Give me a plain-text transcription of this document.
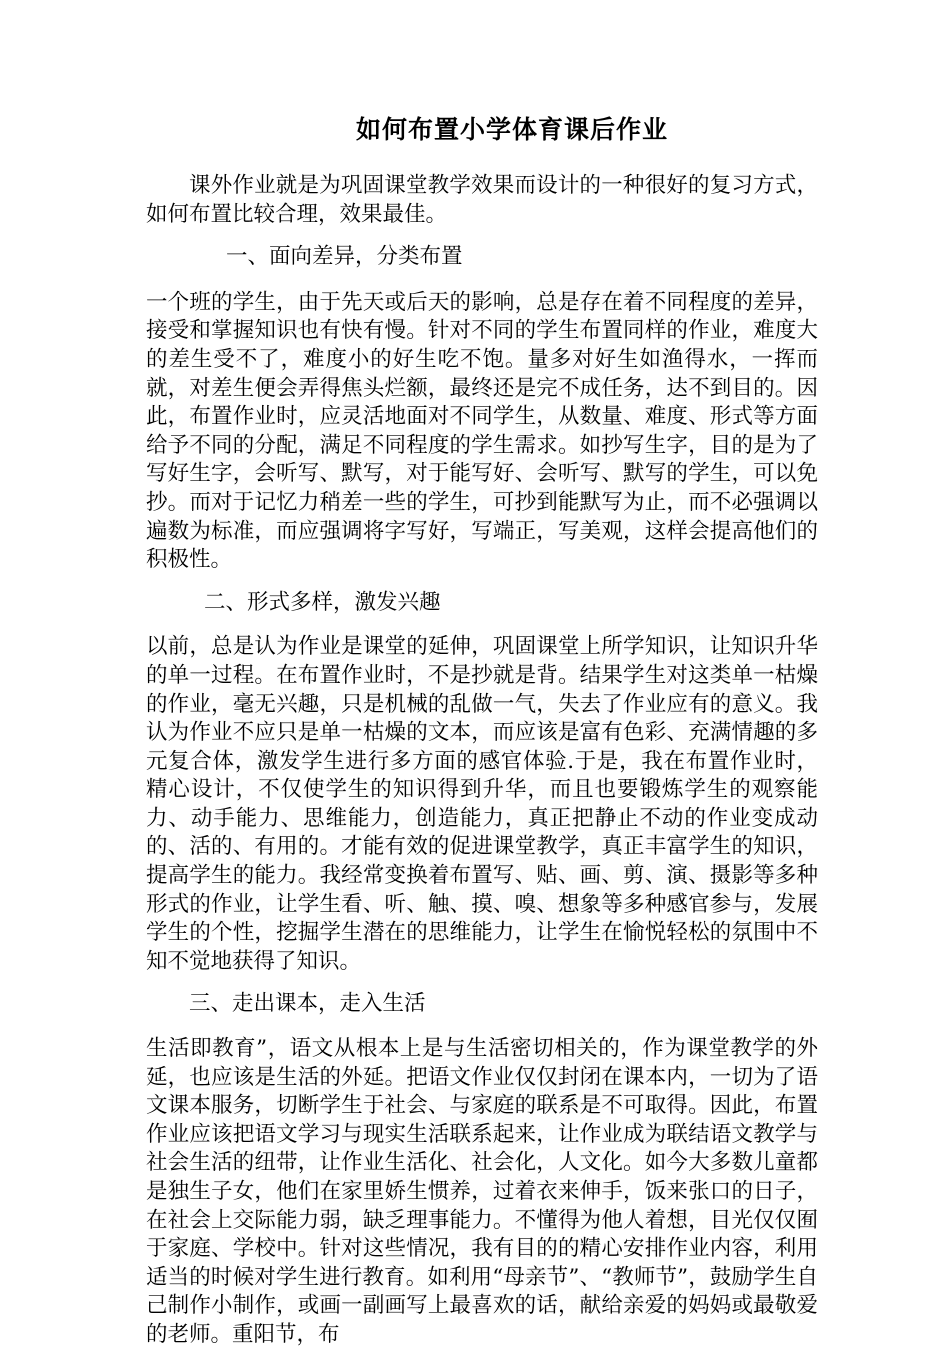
如何布置小学体育课后作业

课外作业就是为巩固课堂教学效果而设计的一种很好的复习方式，如何布置比较合理，效果最佳。

一、面向差异，分类布置

一个班的学生，由于先天或后天的影响，总是存在着不同程度的差异，接受和掌握知识也有快有慢。针对不同的学生布置同样的作业，难度大的差生受不了，难度小的好生吃不饱。量多对好生如渔得水，一挥而就，对差生便会弄得焦头烂额，最终还是完不成任务，达不到目的。因此，布置作业时，应灵活地面对不同学生，从数量、难度、形式等方面给予不同的分配，满足不同程度的学生需求。如抄写生字，目的是为了写好生字，会听写、默写，对于能写好、会听写、默写的学生，可以免抄。而对于记忆力稍差一些的学生，可抄到能默写为止，而不必强调以遍数为标准，而应强调将字写好，写端正，写美观，这样会提高他们的积极性。

二、形式多样，激发兴趣

以前，总是认为作业是课堂的延伸，巩固课堂上所学知识，让知识升华的单一过程。在布置作业时，不是抄就是背。结果学生对这类单一枯燥的作业，毫无兴趣，只是机械的乱做一气，失去了作业应有的意义。我认为作业不应只是单一枯燥的文本，而应该是富有色彩、充满情趣的多元复合体，激发学生进行多方面的感官体验.于是，我在布置作业时，精心设计，不仅使学生的知识得到升华，而且也要锻炼学生的观察能力、动手能力、思维能力，创造能力，真正把静止不动的作业变成动的、活的、有用的。才能有效的促进课堂教学，真正丰富学生的知识，提高学生的能力。我经常变换着布置写、贴、画、剪、演、摄影等多种形式的作业，让学生看、听、触、摸、嗅、想象等多种感官参与，发展学生的个性，挖掘学生潜在的思维能力，让学生在愉悦轻松的氛围中不知不觉地获得了知识。

三、走出课本，走入生活

生活即教育”，语文从根本上是与生活密切相关的，作为课堂教学的外延，也应该是生活的外延。把语文作业仅仅封闭在课本内，一切为了语文课本服务，切断学生于社会、与家庭的联系是不可取得。因此，布置作业应该把语文学习与现实生活联系起来，让作业成为联结语文教学与社会生活的纽带，让作业生活化、社会化，人文化。如今大多数儿童都是独生子女，他们在家里娇生惯养，过着衣来伸手，饭来张口的日子，在社会上交际能力弱，缺乏理事能力。不懂得为他人着想，目光仅仅囿于家庭、学校中。针对这些情况，我有目的的精心安排作业内容，利用适当的时候对学生进行教育。如利用“母亲节”、“教师节”，鼓励学生自己制作小制作，或画一副画写上最喜欢的话，献给亲爱的妈妈或最敬爱的老师。重阳节，布
